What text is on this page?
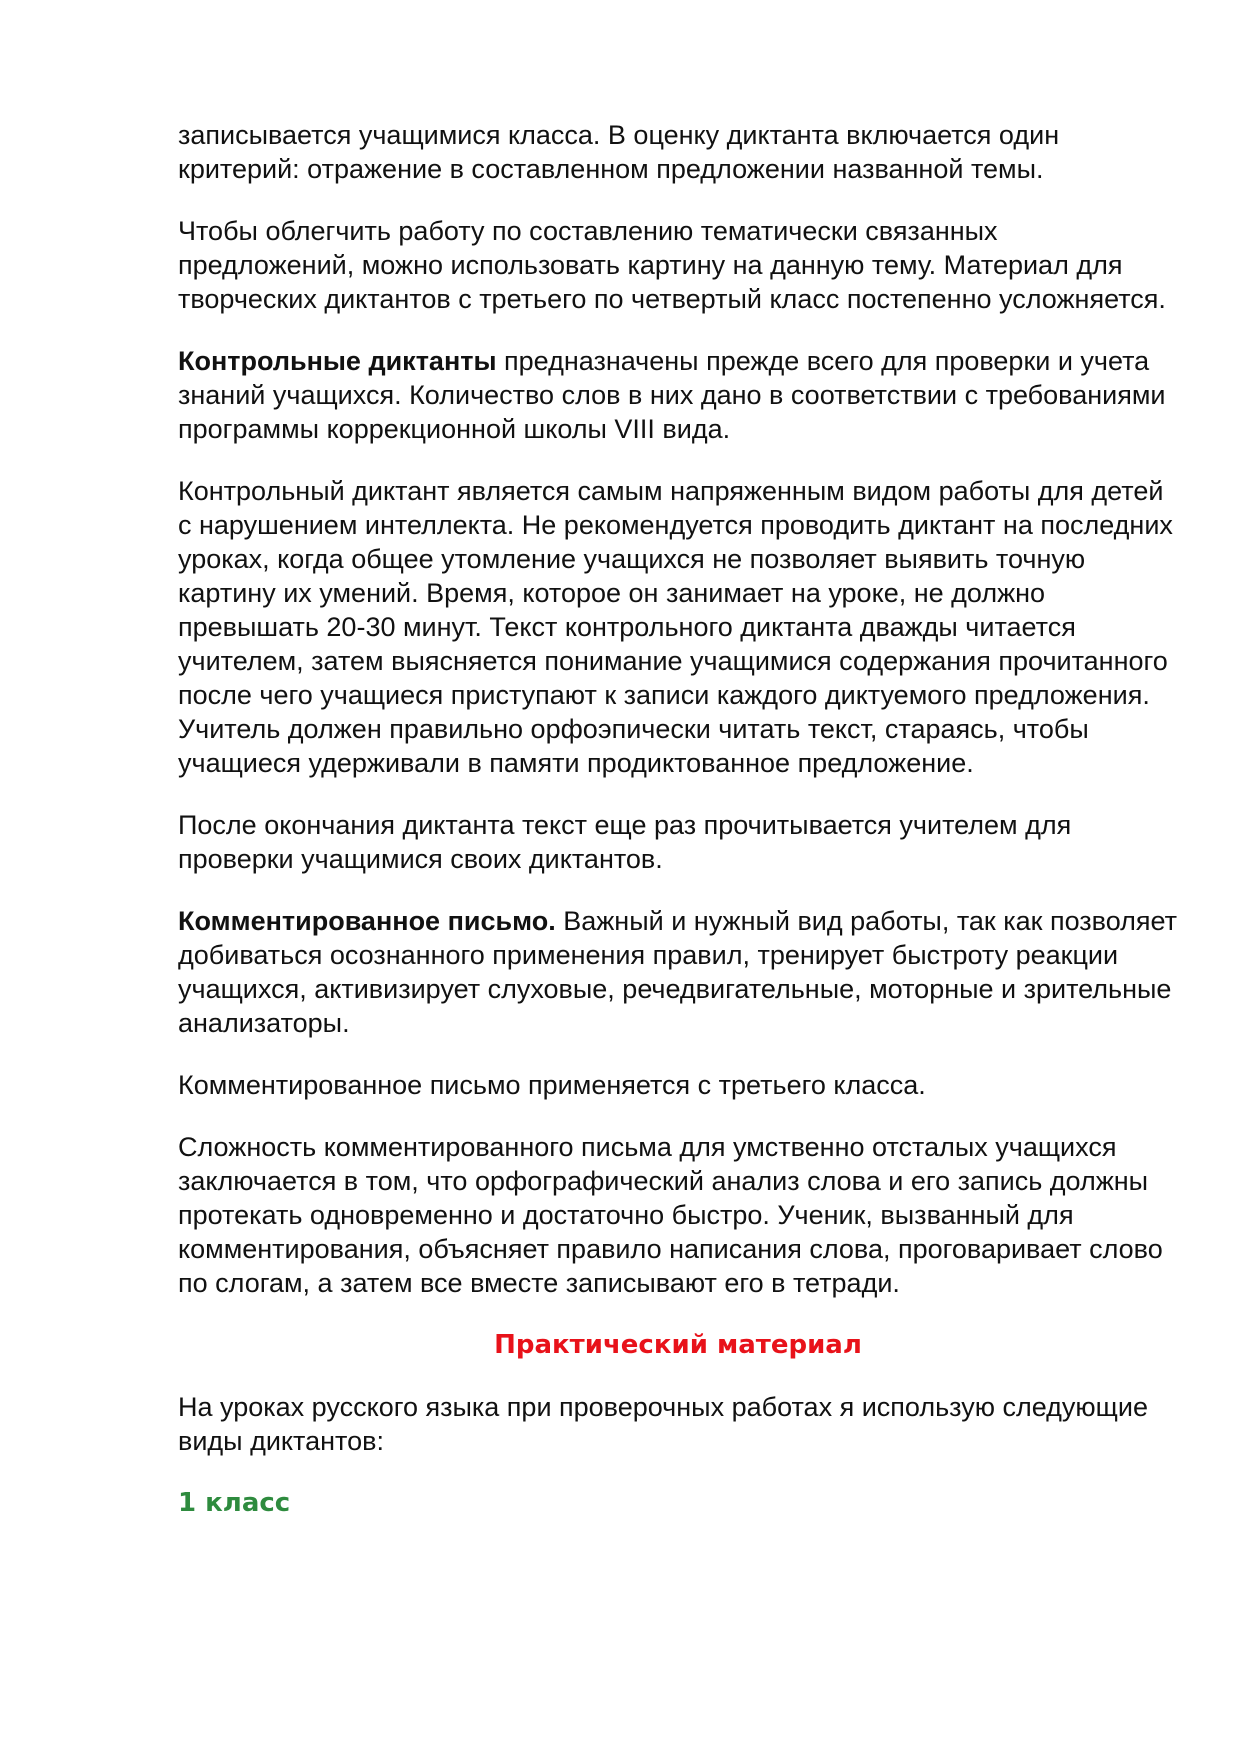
записывается учащимися класса. В оценку диктанта включается один критерий: отражение в составленном предложении названной темы.

Чтобы облегчить работу по составлению тематически связанных предложений, можно использовать картину на данную тему. Материал для творческих диктантов с третьего по четвертый класс постепенно усложняется.

Контрольные диктанты предназначены прежде всего для проверки и учета знаний учащихся. Количество слов в них дано в соответствии с требованиями программы коррекционной школы VIII вида.

Контрольный диктант является самым напряженным видом работы для детей с нарушением интеллекта. Не рекомендуется проводить диктант на последних уроках, когда общее утомление учащихся не позволяет выявить точную картину их умений. Время, которое он занимает на уроке, не должно превышать 20-30 минут. Текст контрольного диктанта дважды читается учителем, затем выясняется понимание учащимися содержания прочитанного после чего учащиеся приступают к записи каждого диктуемого предложения. Учитель должен правильно орфоэпически читать текст, стараясь, чтобы учащиеся удерживали в памяти продиктованное предложение.

После окончания диктанта текст еще раз прочитывается учителем для проверки учащимися своих диктантов.

Комментированное письмо. Важный и нужный вид работы, так как позволяет добиваться осознанного применения правил, тренирует быстроту реакции учащихся, активизирует слуховые, речедвигательные, моторные и зрительные анализаторы.

Комментированное письмо применяется с третьего класса.

Сложность комментированного письма для умственно отсталых учащихся заключается в том, что орфографический анализ слова и его запись должны протекать одновременно и достаточно быстро. Ученик, вызванный для комментирования, объясняет правило написания слова, проговаривает слово по слогам, а затем все вместе записывают его в тетради.

Практический материал

На уроках русского языка при проверочных работах я использую следующие виды диктантов:

1 класс
